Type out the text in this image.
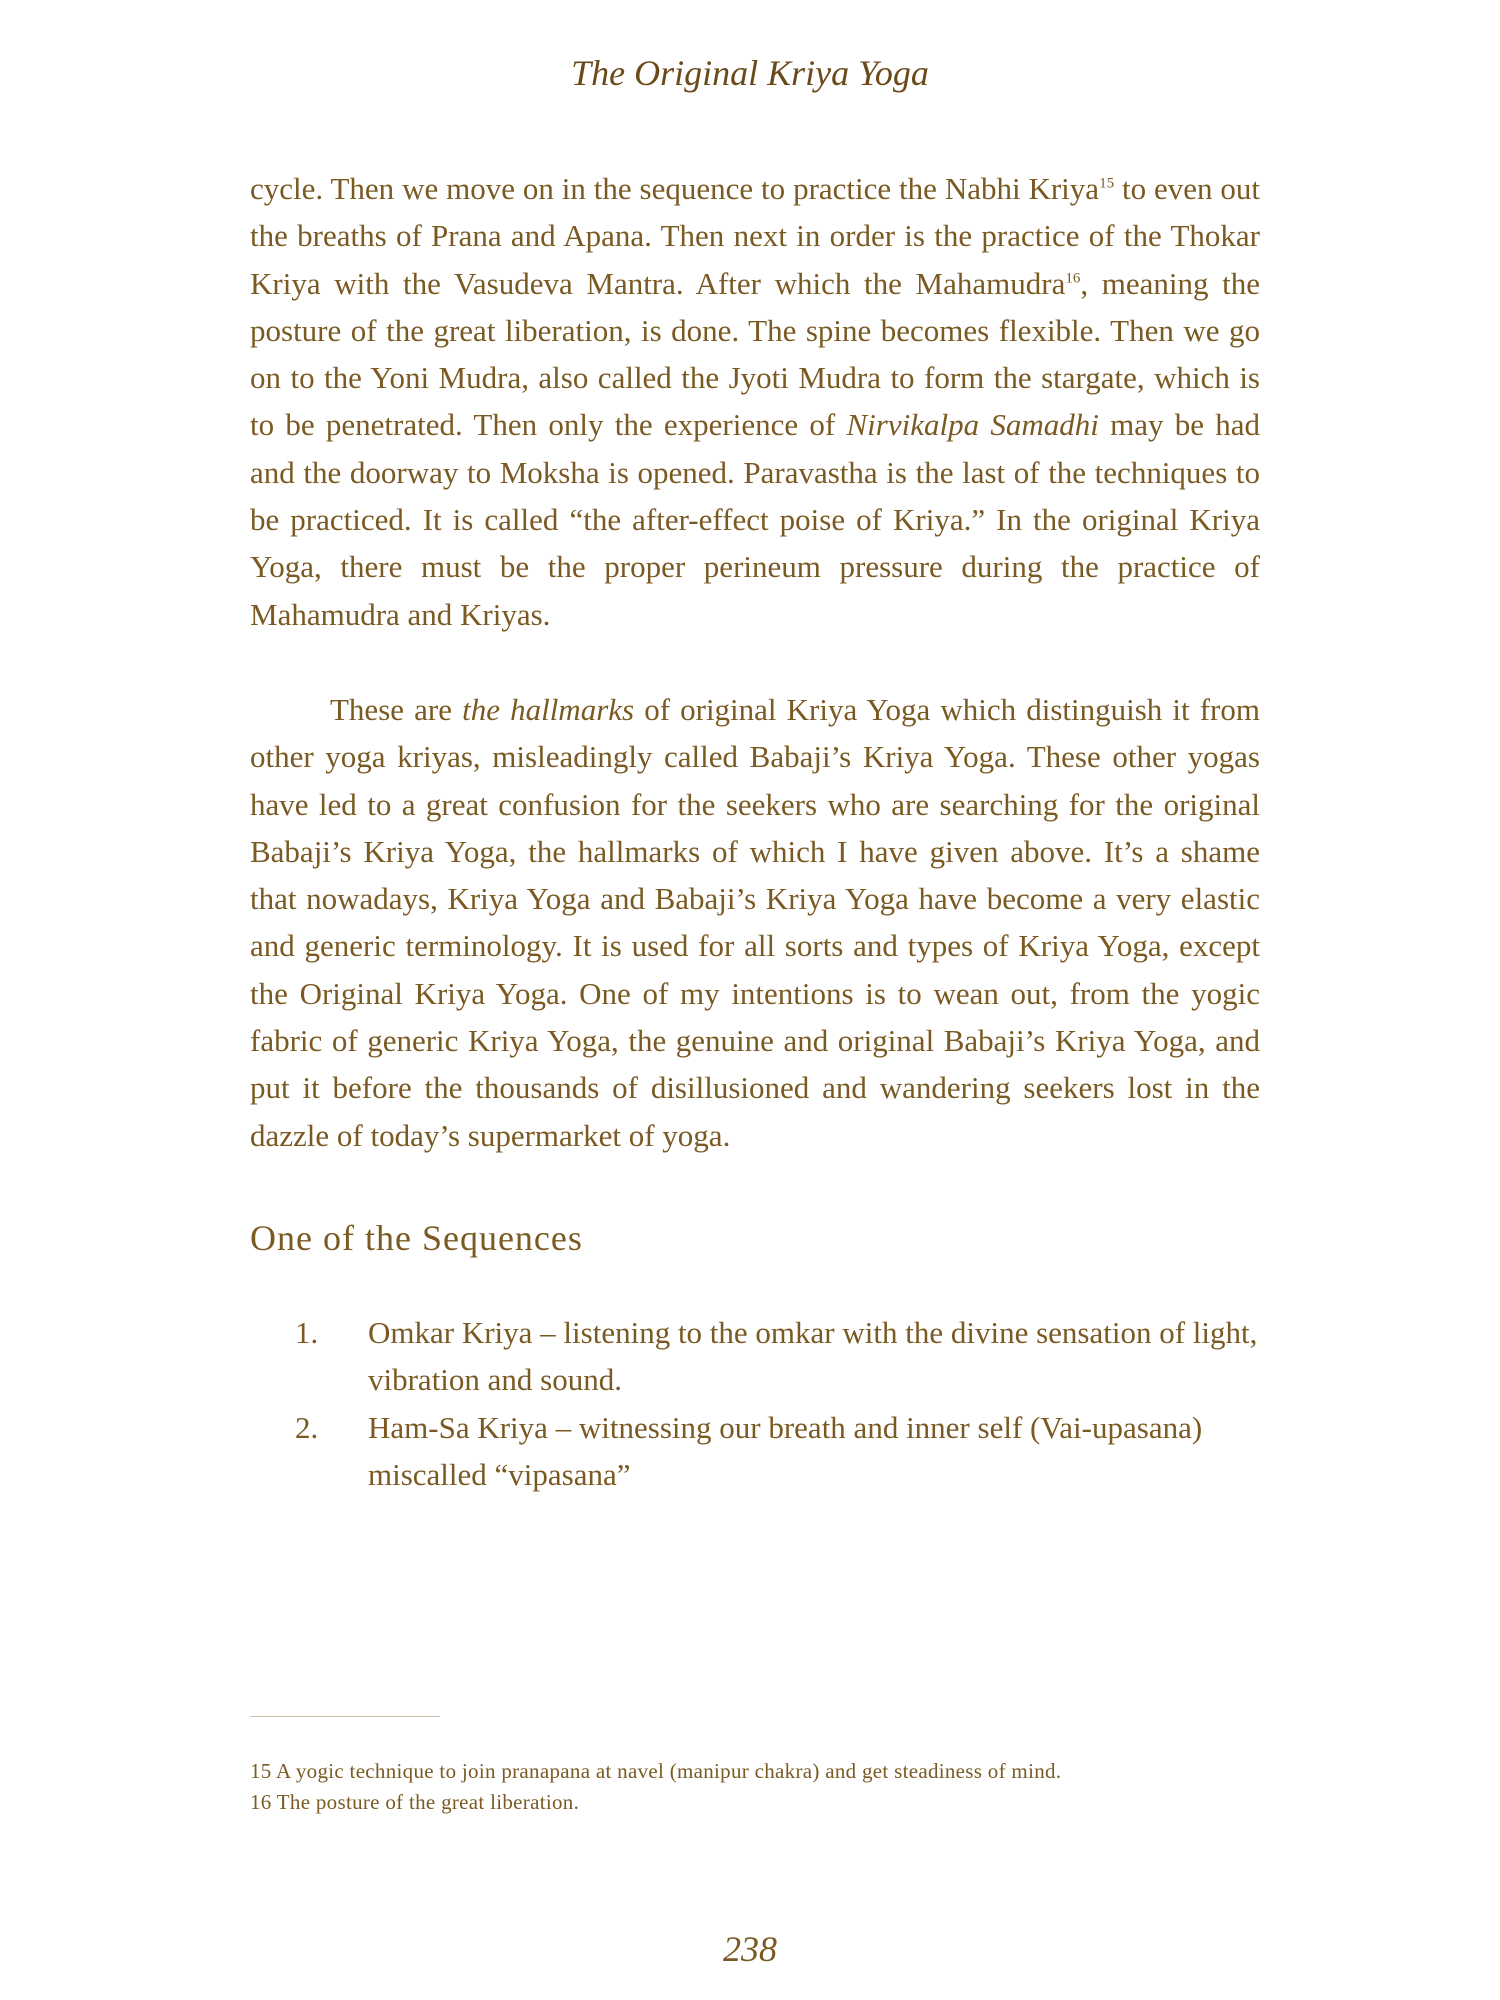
The Original Kriya Yoga

cycle. Then we move on in the sequence to practice the Nabhi Kriya$^{15}$ to even out the breaths of Prana and Apana. Then next in order is the practice of the Thokar Kriya with the Vasudeva Mantra. After which the Mahamudra$^{16}$, meaning the posture of the great liberation, is done. The spine becomes flexible. Then we go on to the Yoni Mudra, also called the Jyoti Mudra to form the stargate, which is to be penetrated. Then only the experience of Nirvikalpa Samadhi may be had and the doorway to Moksha is opened. Paravastha is the last of the techniques to be practiced. It is called “the after-effect poise of Kriya.” In the original Kriya Yoga, there must be the proper perineum pressure during the practice of Mahamudra and Kriyas.

These are the hallmarks of original Kriya Yoga which distinguish it from other yoga kriyas, misleadingly called Babaji’s Kriya Yoga. These other yogas have led to a great confusion for the seekers who are searching for the original Babaji’s Kriya Yoga, the hallmarks of which I have given above. It’s a shame that nowadays, Kriya Yoga and Babaji’s Kriya Yoga have become a very elastic and generic terminology. It is used for all sorts and types of Kriya Yoga, except the Original Kriya Yoga. One of my intentions is to wean out, from the yogic fabric of generic Kriya Yoga, the genuine and original Babaji’s Kriya Yoga, and put it before the thousands of disillusioned and wandering seekers lost in the dazzle of today’s supermarket of yoga.

One of the Sequences
1. Omkar Kriya – listening to the omkar with the divine sensation of light, vibration and sound.
2. Ham-Sa Kriya – witnessing our breath and inner self (Vai-upasana) miscalled “vipasana”

15 A yogic technique to join pranapana at navel (manipur chakra) and get steadiness of mind.

16 The posture of the great liberation.

238
